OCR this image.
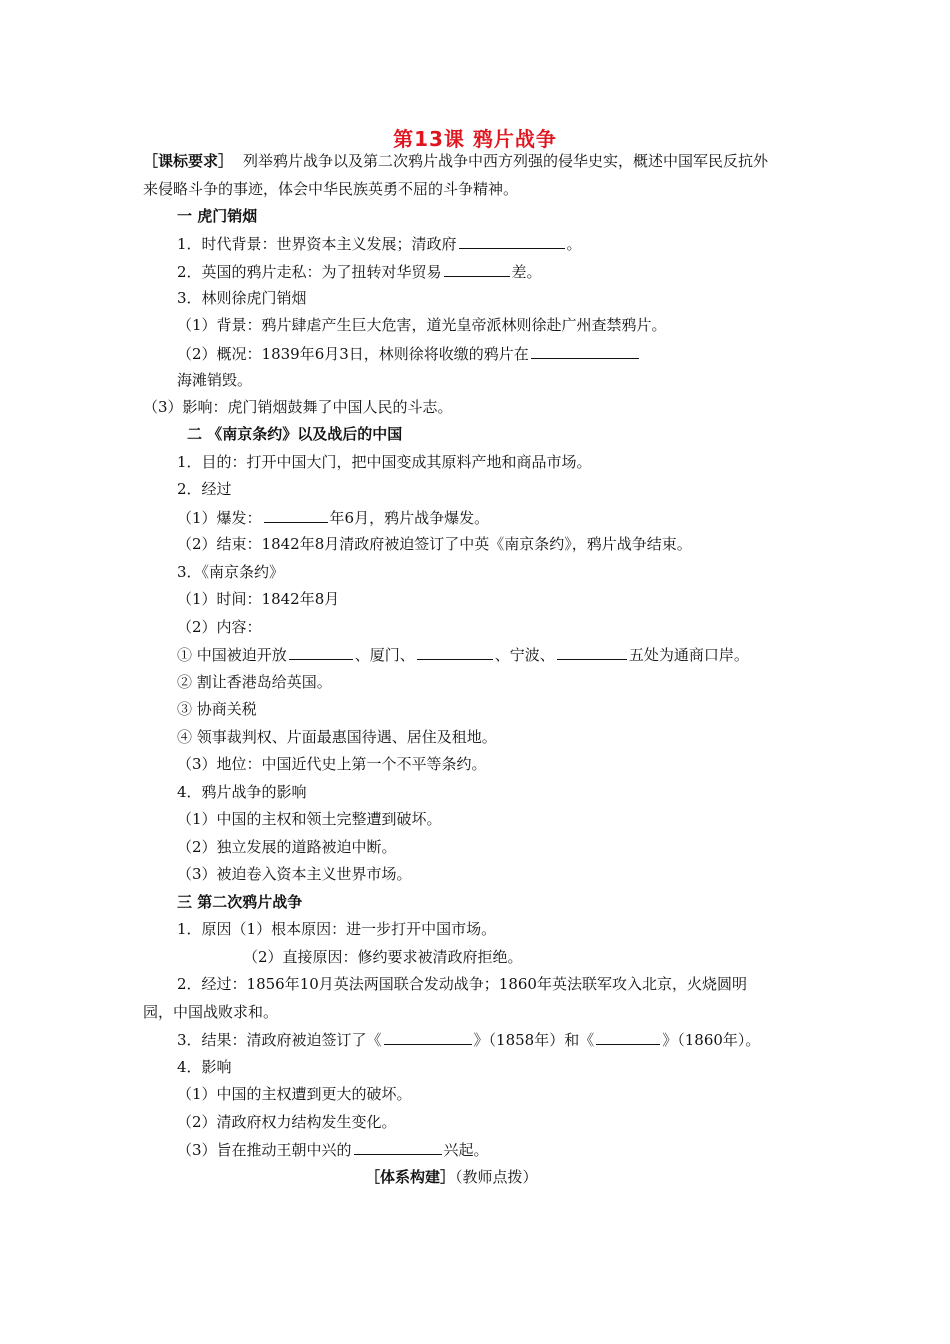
第13课 鸦片战争
［课标要求］ 列举鸦片战争以及第二次鸦片战争中西方列强的侵华史实，概述中国军民反抗外
来侵略斗争的事迹，体会中华民族英勇不屈的斗争精神。
一 虎门销烟
1．时代背景：世界资本主义发展；清政府	。
2．英国的鸦片走私：为了扭转对华贸易	差。
3．林则徐虎门销烟
（1）背景：鸦片肆虐产生巨大危害，道光皇帝派林则徐赴广州查禁鸦片。
（2）概况：1839年6月3日，林则徐将收缴的鸦片在
海滩销毁。
（3）影响：虎门销烟鼓舞了中国人民的斗志。
二 《南京条约》以及战后的中国
1．目的：打开中国大门，把中国变成其原料产地和商品市场。
2．经过
（1）爆发：	年6月，鸦片战争爆发。
（2）结束：1842年8月清政府被迫签订了中英《南京条约》，鸦片战争结束。
3．《南京条约》
（1）时间：1842年8月
（2）内容：
① 中国被迫开放	、厦门、	、宁波、	五处为通商口岸。
② 割让香港岛给英国。
③ 协商关税
④ 领事裁判权、片面最惠国待遇、居住及租地。
（3）地位：中国近代史上第一个不平等条约。
4．鸦片战争的影响
（1）中国的主权和领土完整遭到破坏。
（2）独立发展的道路被迫中断。
（3）被迫卷入资本主义世界市场。
三 第二次鸦片战争
1．原因（1）根本原因：进一步打开中国市场。
（2）直接原因：修约要求被清政府拒绝。
2．经过：1856年10月英法两国联合发动战争；1860年英法联军攻入北京，火烧圆明
园，中国战败求和。
3．结果：清政府被迫签订了《	》（1858年）和《	》（1860年）。
4．影响
（1）中国的主权遭到更大的破坏。
（2）清政府权力结构发生变化。
（3）旨在推动王朝中兴的	兴起。
［体系构建］（教师点拨）
